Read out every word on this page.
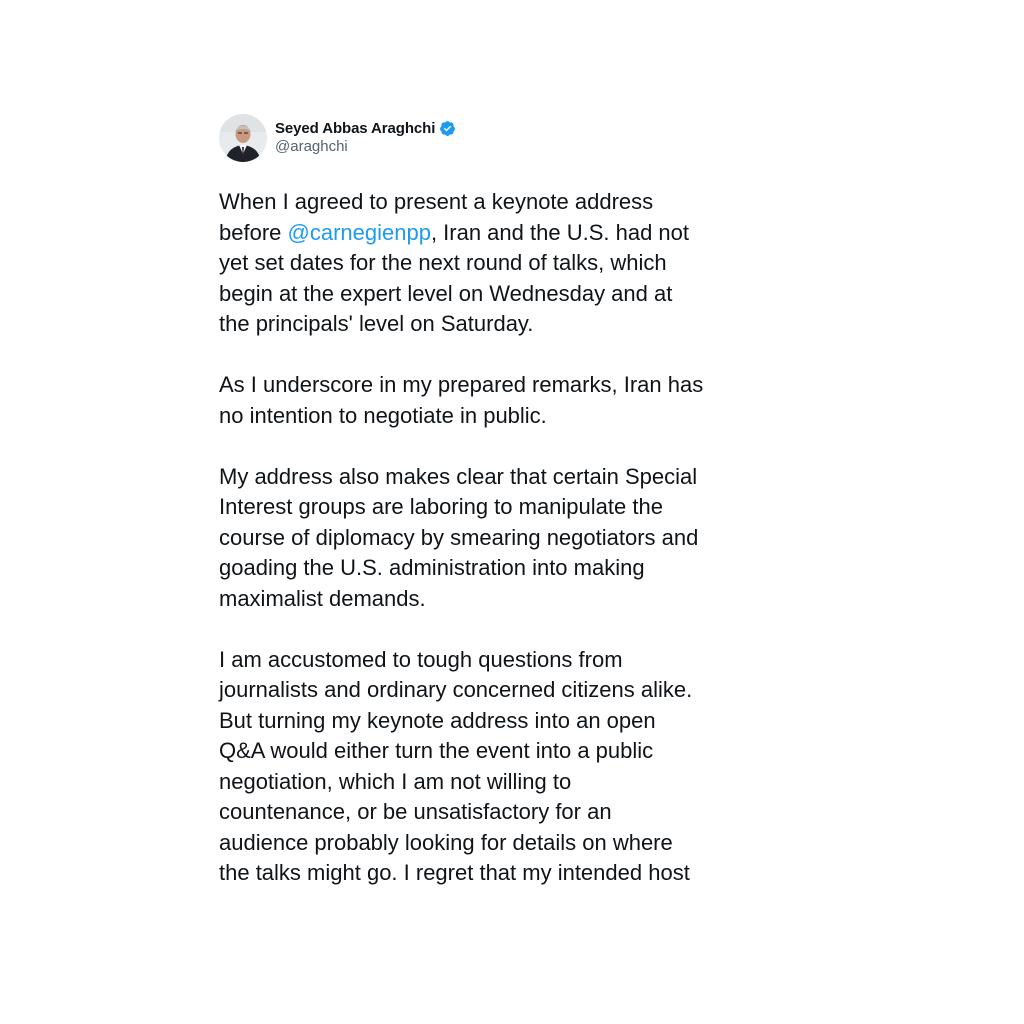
Seyed Abbas Araghchi
@araghchi
When I agreed to present a keynote address
before @carnegienpp, Iran and the U.S. had not
yet set dates for the next round of talks, which
begin at the expert level on Wednesday and at
the principals' level on Saturday.
As I underscore in my prepared remarks, Iran has
no intention to negotiate in public.
My address also makes clear that certain Special
Interest groups are laboring to manipulate the
course of diplomacy by smearing negotiators and
goading the U.S. administration into making
maximalist demands.
I am accustomed to tough questions from
journalists and ordinary concerned citizens alike.
But turning my keynote address into an open
Q&A would either turn the event into a public
negotiation, which I am not willing to
countenance, or be unsatisfactory for an
audience probably looking for details on where
the talks might go. I regret that my intended host
